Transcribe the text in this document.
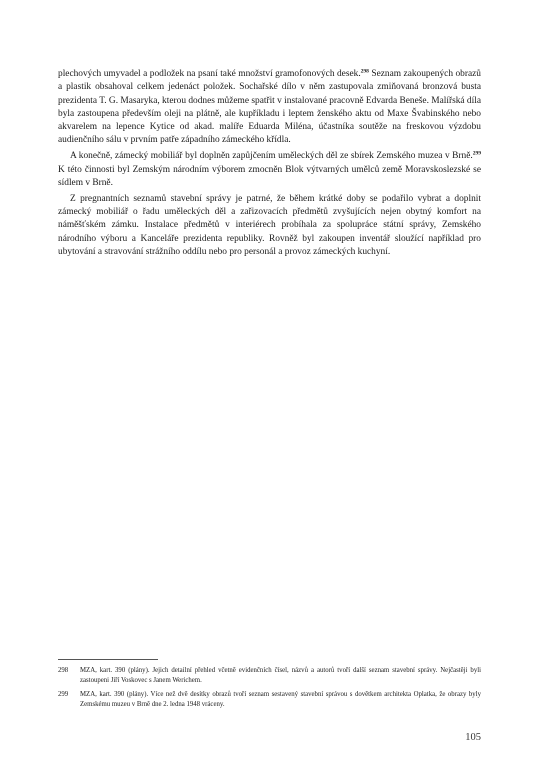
plechových umyvadel a podložek na psaní také množství gramofonových desek.$^{298}$ Seznam zakoupených obrazů a plastik obsahoval celkem jedenáct položek. Sochařské dílo v něm zastupovala zmiňovaná bronzová busta prezidenta T. G. Masaryka, kterou dodnes můžeme spatřit v instalované pracovně Edvarda Beneše. Malířská díla byla zastoupena především oleji na plátně, ale kupříkladu i leptem ženského aktu od Maxe Švabinského nebo akvarelem na lepence Kytice od akad. malíře Eduarda Miléna, účastníka soutěže na freskovou výzdobu audienčního sálu v prvním patře západního zámeckého křídla.

A konečně, zámecký mobiliář byl doplněn zapůjčením uměleckých děl ze sbírek Zemského muzea v Brně.$^{299}$ K této činnosti byl Zemským národním výborem zmocněn Blok výtvarných umělců země Moravskoslezské se sídlem v Brně.

Z pregnantních seznamů stavební správy je patrné, že během krátké doby se podařilo vybrat a doplnit zámecký mobiliář o řadu uměleckých děl a zařizovacích předmětů zvyšujících nejen obytný komfort na náměšťském zámku. Instalace předmětů v interiérech probíhala za spolupráce státní správy, Zemského národního výboru a Kanceláře prezidenta republiky. Rovněž byl zakoupen inventář sloužící například pro ubytování a stravování strážního oddílu nebo pro personál a provoz zámeckých kuchyní.

298	MZA, kart. 390 (plány). Jejich detailní přehled včetně evidenčních čísel, názvů a autorů tvoří další seznam stavební správy. Nejčastěji byli zastoupeni Jiří Voskovec s Janem Werichem.
299	MZA, kart. 390 (plány). Více než dvě desítky obrazů tvoří seznam sestavený stavební správou s dovětkem architekta Oplatka, že obrazy byly Zemskému muzeu v Brně dne 2. ledna 1948 vráceny.
105
